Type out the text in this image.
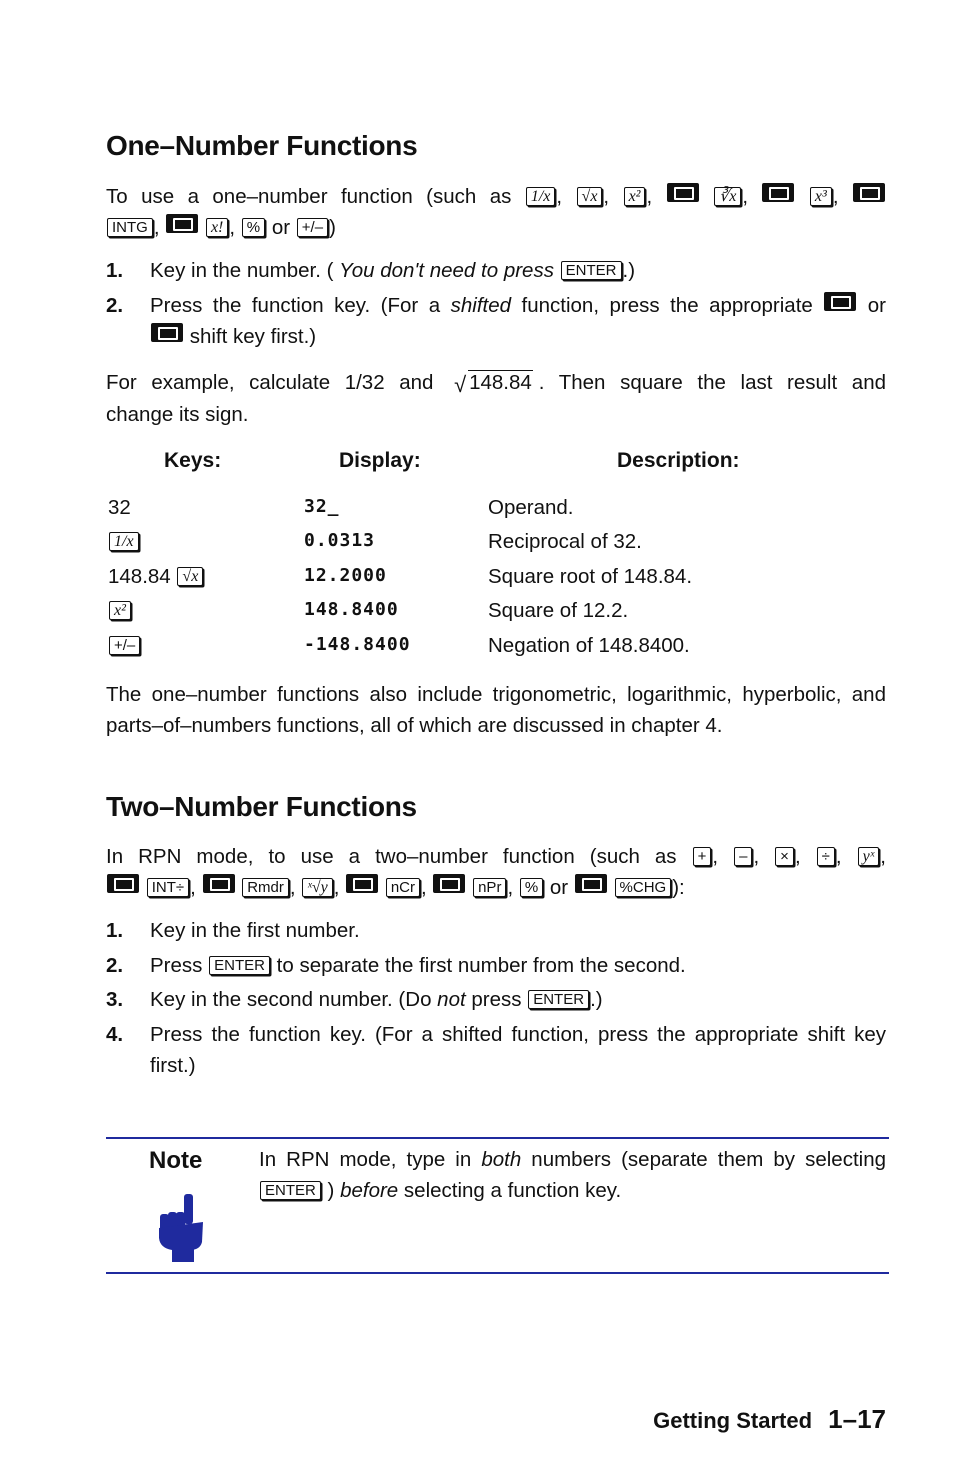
One–Number Functions
To use a one–number function (such as 1/x , √x , x² ,	∛x ,	x³ ,
INTG ,	x! , % or +/– )
1. Key in the number. ( You don't need to press ENTER .)
2. Press the function key. (For a shifted function, press the appropriate	or
shift key first.)
For example, calculate 1/32 and √ 148.84 . Then square the last result and
change its sign.
Keys:	Display:	Description:
32	32_	Operand.
1/x	0.0313	Reciprocal of 32.
148.84 √x	12.2000	Square root of 148.84.
x²	148.8400	Square of 12.2.
+/–	-148.8400	Negation of 148.8400.

The one–number functions also include trigonometric, logarithmic, hyperbolic, and parts–of–numbers functions, all of which are discussed in chapter 4.

Two–Number Functions
In RPN mode, to use a two–number function (such as + , – , × , ÷ , yˣ ,
INT÷ ,	Rmdr , ˣ√y ,	nCr ,	nPr , % or	%CHG ):
1. Key in the first number.
2. Press ENTER to separate the first number from the second.
3. Key in the second number. (Do not press ENTER .)
4. Press the function key. (For a shifted function, press the appropriate shift key
first.)
Note	In RPN mode, type in both numbers (separate them by selecting
ENTER ) before selecting a function key.
Getting Started 1–17
